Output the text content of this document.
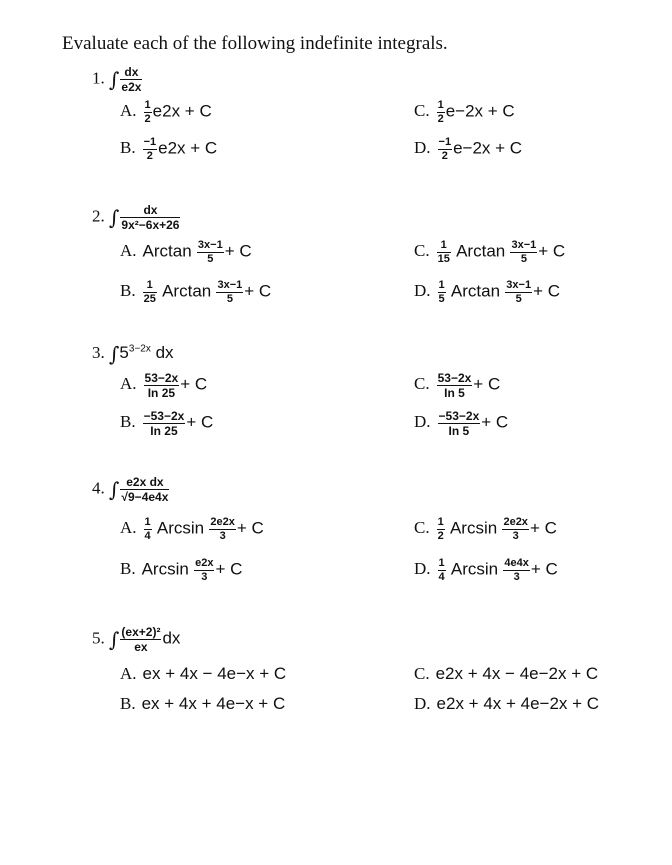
Evaluate each of the following indefinite integrals.
1. ∫ $\frac{dx}{e2x}$
A. $\frac{1}{2} e2x + C$
B. $\frac{-1}{2} e2x + C$
C. $\frac{1}{2} e-2x + C$
D. $\frac{-1}{2} e-2x + C$
2. ∫ $\frac{dx}{\text{9x²−6x+26}}$
A. Arctan $\frac{3x-1}{5} + C$
B. $\frac{1}{25}$ Arctan $\frac{3x-1}{5} + C$
C. $\frac{1}{15}$ Arctan $\frac{3x-1}{5} + C$
D. $\frac{1}{5}$ Arctan $\frac{3x-1}{5} + C$
3. $\int 5^{3-2x}$ dx
A. $\frac{53-2x}{In 25} + C$
B. $\frac{-53-2x}{In 25} + C$
C. $\frac{53-2x}{In 5} + C$
D. $\frac{-53-2x}{In 5} + C$
4. ∫ $\frac{\text{e2x dx}}{√9-4e4x}$
A. $\frac{1}{4}$ Arcsin $\frac{2e2x}{3} + C$
B. Arcsin $\frac{e2x}{3} + C$
C. $\frac{1}{2}$ Arcsin $\frac{2e2x}{3} + C$
D. $\frac{1}{4}$ Arcsin $\frac{4e4x}{3} + C$
5. ∫ $\frac{\text{(ex+2)²}}{ex}$ dx
A. ex + 4x − 4e−x + C
B. ex + 4x + 4e−x + C
C. e2x + 4x − 4e−2x + C
D. e2x + 4x + 4e−2x + C
